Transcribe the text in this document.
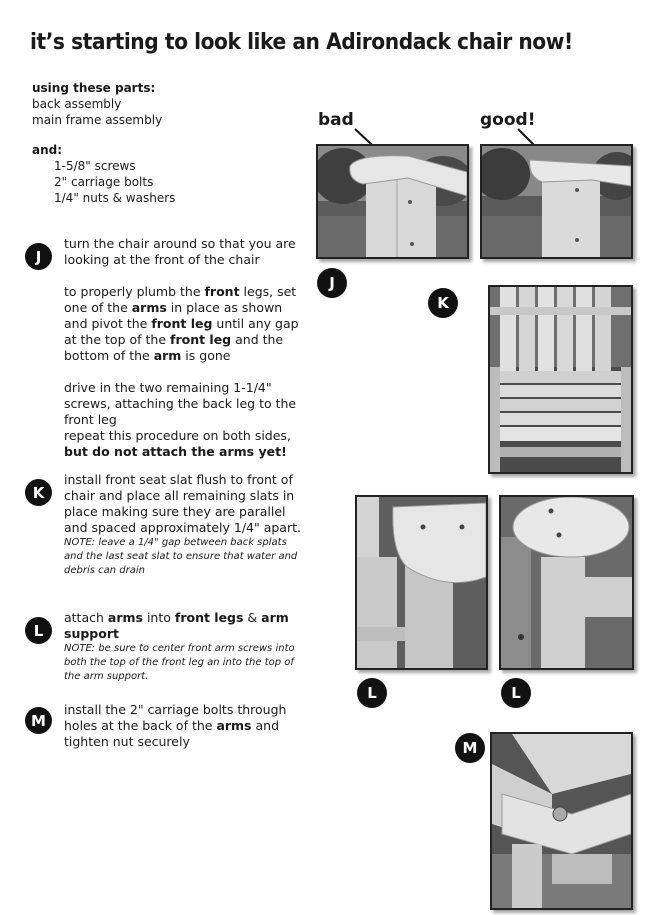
it’s starting to look like an Adirondack chair now!

using these parts:

back assembly

main frame assembly

and:

1-5/8" screws

2" carriage bolts

1/4" nuts & washers

J

turn the chair around so that you are looking at the front of the chair

to properly plumb the front legs, set one of the arms in place as shown and pivot the front leg until any gap at the top of the front leg and the bottom of the arm is gone

drive in the two remaining 1-1/4" screws, attaching the back leg to the front leg

repeat this procedure on both sides, but do not attach the arms yet!

K

install front seat slat flush to front of chair and place all remaining slats in place making sure they are parallel and spaced approximately 1/4" apart.

NOTE: leave a 1/4" gap between back splats and the last seat slat to ensure that water and debris can drain

L

attach arms into front legs & arm support

NOTE: be sure to center front arm screws into both the top of the front leg an into the top of the arm support.

M

install the 2" carriage bolts through holes at the back of the arms and tighten nut securely

bad	good!
J
K
L	L
M
